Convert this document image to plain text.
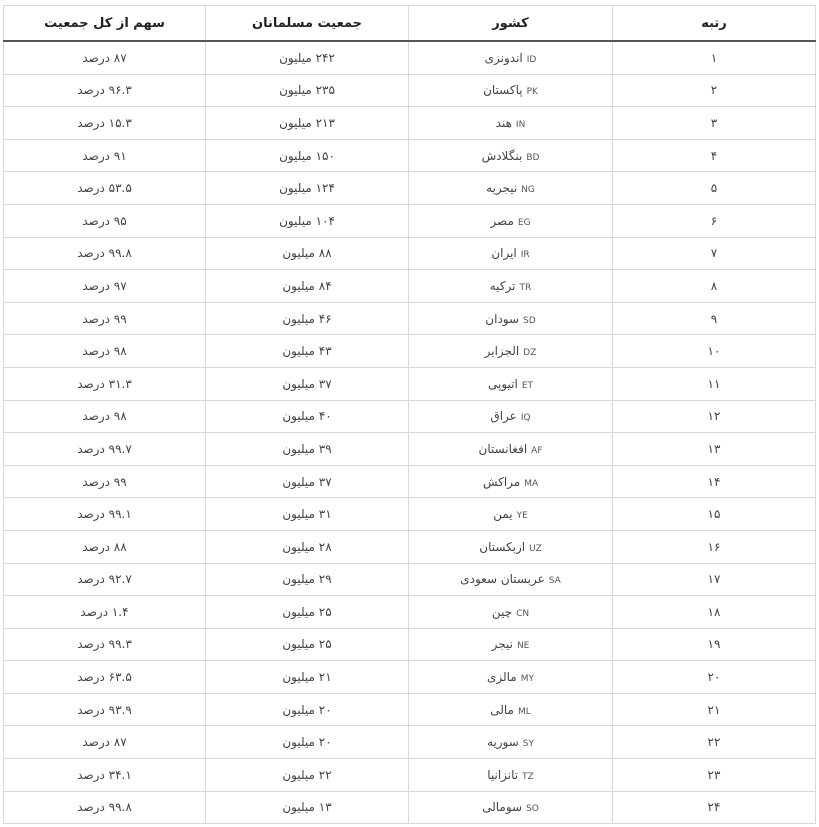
رتبه	کشور	جمعیت مسلمانان	سهم از کل جمعیت
۱	IDاندونزی	۲۴۲ میلیون	۸۷ درصد
۲	PKپاکستان	۲۳۵ میلیون	۹۶.۳ درصد
۳	INهند	۲۱۳ میلیون	۱۵.۳ درصد
۴	BDبنگلادش	۱۵۰ میلیون	۹۱ درصد
۵	NGنیجریه	۱۲۴ میلیون	۵۳.۵ درصد
۶	EGمصر	۱۰۴ میلیون	۹۵ درصد
۷	IRایران	۸۸ میلیون	۹۹.۸ درصد
۸	TRترکیه	۸۴ میلیون	۹۷ درصد
۹	SDسودان	۴۶ میلیون	۹۹ درصد
۱۰	DZالجزایر	۴۳ میلیون	۹۸ درصد
۱۱	ETاتیوپی	۳۷ میلیون	۳۱.۳ درصد
۱۲	IQعراق	۴۰ میلیون	۹۸ درصد
۱۳	AFافغانستان	۳۹ میلیون	۹۹.۷ درصد
۱۴	MAمراکش	۳۷ میلیون	۹۹ درصد
۱۵	YEیمن	۳۱ میلیون	۹۹.۱ درصد
۱۶	UZازبکستان	۲۸ میلیون	۸۸ درصد
۱۷	SAعربستان سعودی	۲۹ میلیون	۹۲.۷ درصد
۱۸	CNچین	۲۵ میلیون	۱.۴ درصد
۱۹	NEنیجر	۲۵ میلیون	۹۹.۳ درصد
۲۰	MYمالزی	۲۱ میلیون	۶۳.۵ درصد
۲۱	MLمالی	۲۰ میلیون	۹۳.۹ درصد
۲۲	SYسوریه	۲۰ میلیون	۸۷ درصد
۲۳	TZتانزانیا	۲۲ میلیون	۳۴.۱ درصد
۲۴	SOسومالی	۱۳ میلیون	۹۹.۸ درصد
